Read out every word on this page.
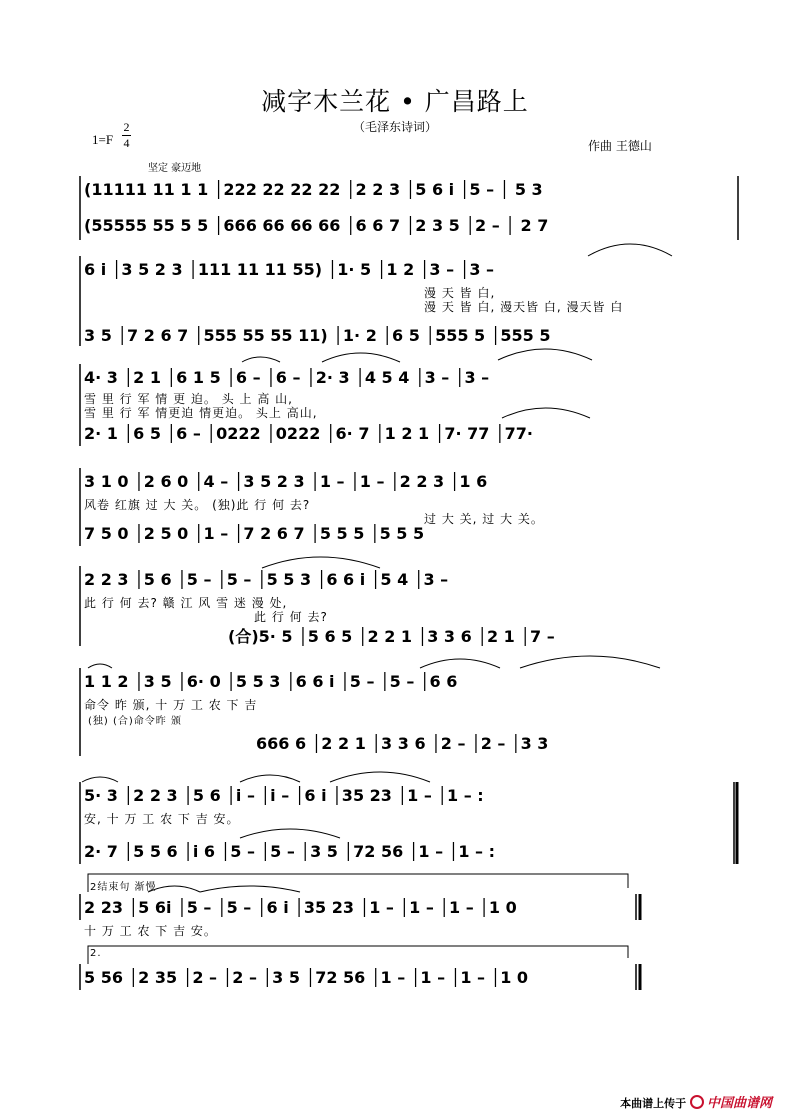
减字木兰花 • 广昌路上
（毛泽东诗词）
1=F
2
4	作曲 王德山
坚定 豪迈地
(11111 11 1 1 │222 22 22 22 │2 2 3 │5 6 i │5 – │ 5 3
(55555 55 5 5 │666 66 66 66 │6 6 7 │2 3 5 │2 – │ 2 7
6 i │3 5 2 3 │111 11 11 55) │1· 5 │1 2 │3 – │3 –
漫 天 皆 白,
漫 天 皆 白, 漫天皆 白, 漫天皆 白
3 5 │7 2 6 7 │555 55 55 11) │1· 2 │6 5 │555 5 │555 5
4· 3 │2 1 │6 1 5 │6 – │6 – │2· 3 │4 5 4 │3 – │3 –
雪 里 行 军 情 更 迫。 头 上 高 山,
雪 里 行 军 情更迫 情更迫。 头上 高山,
2· 1 │6 5 │6 – │0222 │0222 │6· 7 │1 2 1 │7· 77 │77·
3 1 0 │2 6 0 │4 – │3 5 2 3 │1 – │1 – │2 2 3 │1 6
风卷 红旗 过 大 关。 (独)此 行 何 去?
过 大 关, 过 大 关。
7 5 0 │2 5 0 │1 – │7 2 6 7 │5 5 5 │5 5 5
2 2 3 │5 6 │5 – │5 – │5 5 3 │6 6 i │5 4 │3 –
此 行 何 去? 赣 江 风 雪 迷 漫 处,
此 行 何 去?
(合)5· 5 │5 6 5 │2 2 1 │3 3 6 │2 1 │7 –
1 1 2 │3 5 │6· 0 │5 5 3 │6 6 i │5 – │5 – │6 6
命令 昨 颁, 十 万 工 农 下 吉
(独) (合)命令昨 颁
666 6 │2 2 1 │3 3 6 │2 – │2 – │3 3
5· 3 │2 2 3 │5 6 │i – │i – │6 i │35 23 │1 – │1 – :
安, 十 万 工 农 下 吉 安。
2· 7 │5 5 6 │i 6 │5 – │5 – │3 5 │72 56 │1 – │1 – :
2结束句 渐慢
2 23 │5 6i │5 – │5 – │6 i │35 23 │1 – │1 – │1 – │1 0
十 万 工 农 下 吉 安。
2.
5 56 │2 35 │2 – │2 – │3 5 │72 56 │1 – │1 – │1 – │1 0
本曲谱上传于 中国曲谱网
